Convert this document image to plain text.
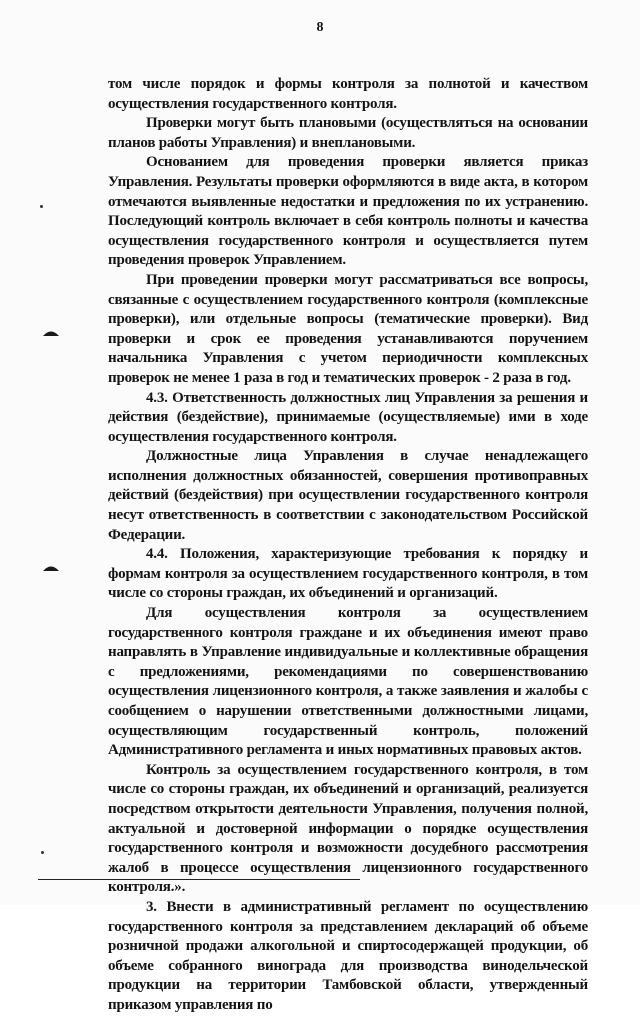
8

том числе порядок и формы контроля за полнотой и качеством осуществления государственного контроля.

Проверки могут быть плановыми (осуществляться на основании планов работы Управления) и внеплановыми.

Основанием для проведения проверки является приказ Управления. Результаты проверки оформляются в виде акта, в котором отмечаются выявленные недостатки и предложения по их устранению. Последующий контроль включает в себя контроль полноты и качества осуществления государственного контроля и осуществляется путем проведения проверок Управлением.

При проведении проверки могут рассматриваться все вопросы, связанные с осуществлением государственного контроля (комплексные проверки), или отдельные вопросы (тематические проверки). Вид проверки и срок ее проведения устанавливаются поручением начальника Управления с учетом периодичности комплексных проверок не менее 1 раза в год и тематических проверок - 2 раза в год.

4.3. Ответственность должностных лиц Управления за решения и действия (бездействие), принимаемые (осуществляемые) ими в ходе осуществления государственного контроля.

Должностные лица Управления в случае ненадлежащего исполнения должностных обязанностей, совершения противоправных действий (бездействия) при осуществлении государственного контроля несут ответственность в соответствии с законодательством Российской Федерации.

4.4. Положения, характеризующие требования к порядку и формам контроля за осуществлением государственного контроля, в том числе со стороны граждан, их объединений и организаций.

Для осуществления контроля за осуществлением государственного контроля граждане и их объединения имеют право направлять в Управление индивидуальные и коллективные обращения с предложениями, рекомендациями по совершенствованию осуществления лицензионного контроля, а также заявления и жалобы с сообщением о нарушении ответственными должностными лицами, осуществляющим государственный контроль, положений Административного регламента и иных нормативных правовых актов.

Контроль за осуществлением государственного контроля, в том числе со стороны граждан, их объединений и организаций, реализуется посредством открытости деятельности Управления, получения полной, актуальной и достоверной информации о порядке осуществления государственного контроля и возможности досудебного рассмотрения жалоб в процессе осуществления лицензионного государственного контроля.».

3. Внести в административный регламент по осуществлению государственного контроля за представлением деклараций об объеме розничной продажи алкогольной и спиртосодержащей продукции, об объеме собранного винограда для производства винодельческой продукции на территории Тамбовской области, утвержденный приказом управления по
